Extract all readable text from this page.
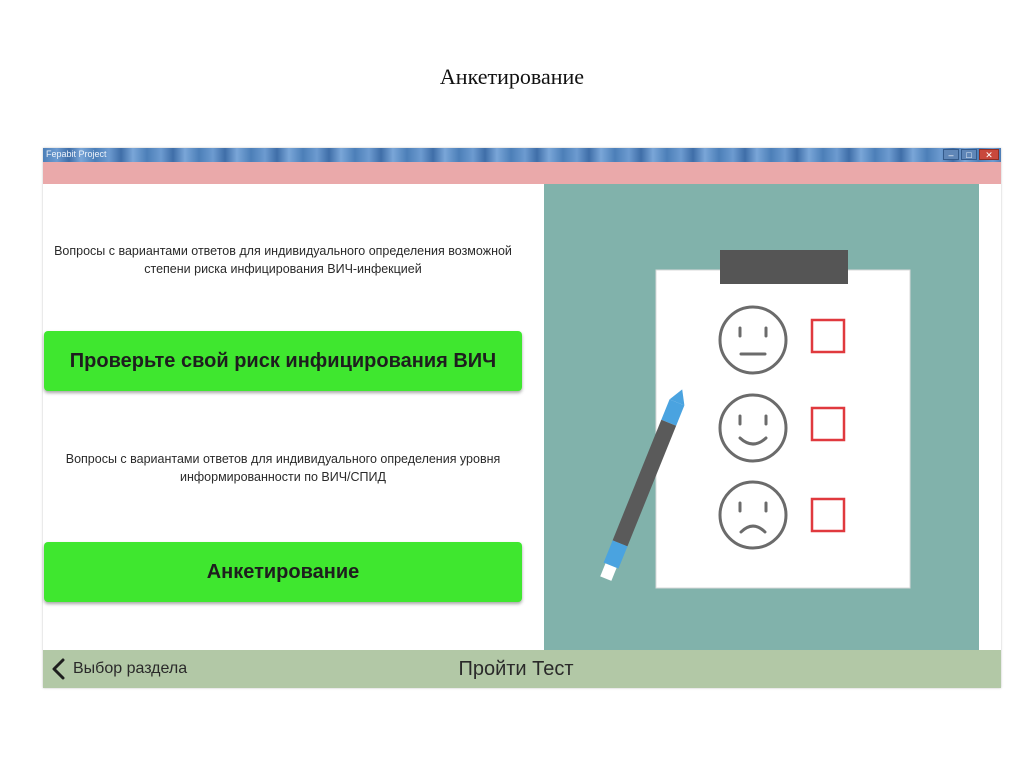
Анкетирование
Fepabit Project	–	□	✕
Вопросы с вариантами ответов для индивидуального определения возможной степени риска инфицирования ВИЧ-инфекцией
Проверьте свой риск инфицирования ВИЧ
Вопросы с вариантами ответов для индивидуального определения уровня информированности по ВИЧ/СПИД
Анкетирование
Выбор раздела	Пройти Тест
